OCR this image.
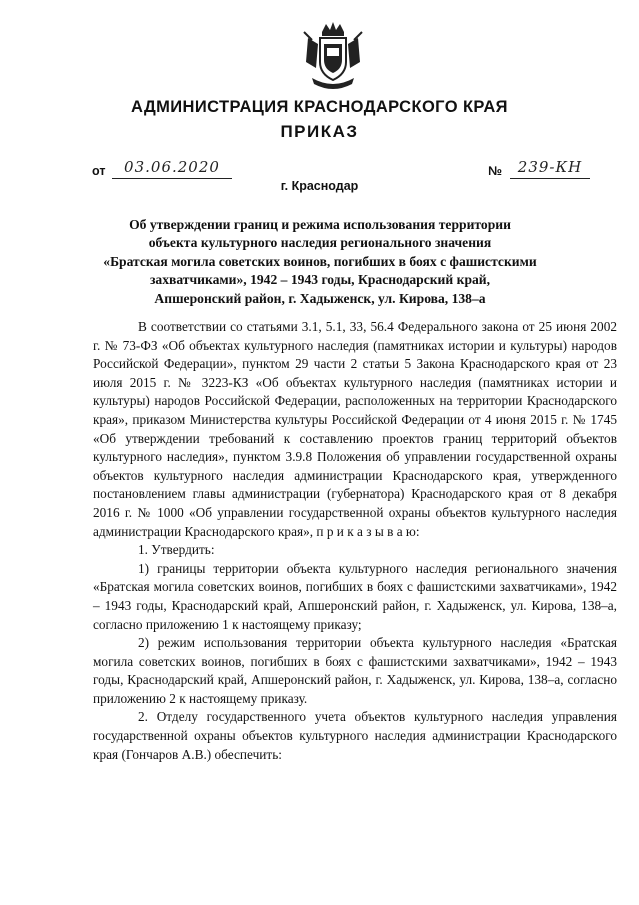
АДМИНИСТРАЦИЯ КРАСНОДАРСКОГО КРАЯ
ПРИКАЗ
от	03.06.2020	№	239-КН
г. Краснодар
Об утверждении границ и режима использования территории
объекта культурного наследия регионального значения
«Братская могила советских воинов, погибших в боях с фашистскими
захватчиками», 1942 – 1943 годы, Краснодарский край,
Апшеронский район, г. Хадыженск, ул. Кирова, 138–а

В соответствии со статьями 3.1, 5.1, 33, 56.4 Федерального закона от 25 июня 2002 г. № 73-ФЗ «Об объектах культурного наследия (памятниках истории и культуры) народов Российской Федерации», пунктом 29 части 2 статьи 5 Закона Краснодарского края от 23 июля 2015 г. № 3223-КЗ «Об объектах культурного наследия (памятниках истории и культуры) народов Российской Федерации, расположенных на территории Краснодарского края», приказом Министерства культуры Российской Федерации от 4 июня 2015 г. № 1745 «Об утверждении требований к составлению проектов границ территорий объектов культурного наследия», пунктом 3.9.8 Положения об управлении государственной охраны объектов культурного наследия администрации Краснодарского края, утвержденного постановлением главы администрации (губернатора) Краснодарского края от 8 декабря 2016 г. № 1000 «Об управлении государственной охраны объектов культурного наследия администрации Краснодарского края», п р и к а з ы в а ю:

1. Утвердить:

1) границы территории объекта культурного наследия регионального значения «Братская могила советских воинов, погибших в боях с фашистскими захватчиками», 1942 – 1943 годы, Краснодарский край, Апшеронский район, г. Хадыженск, ул. Кирова, 138–а, согласно приложению 1 к настоящему приказу;

2) режим использования территории объекта культурного наследия «Братская могила советских воинов, погибших в боях с фашистскими захватчиками», 1942 – 1943 годы, Краснодарский край, Апшеронский район, г. Хадыженск, ул. Кирова, 138–а, согласно приложению 2 к настоящему приказу.

2. Отделу государственного учета объектов культурного наследия управления государственной охраны объектов культурного наследия администрации Краснодарского края (Гончаров А.В.) обеспечить:
